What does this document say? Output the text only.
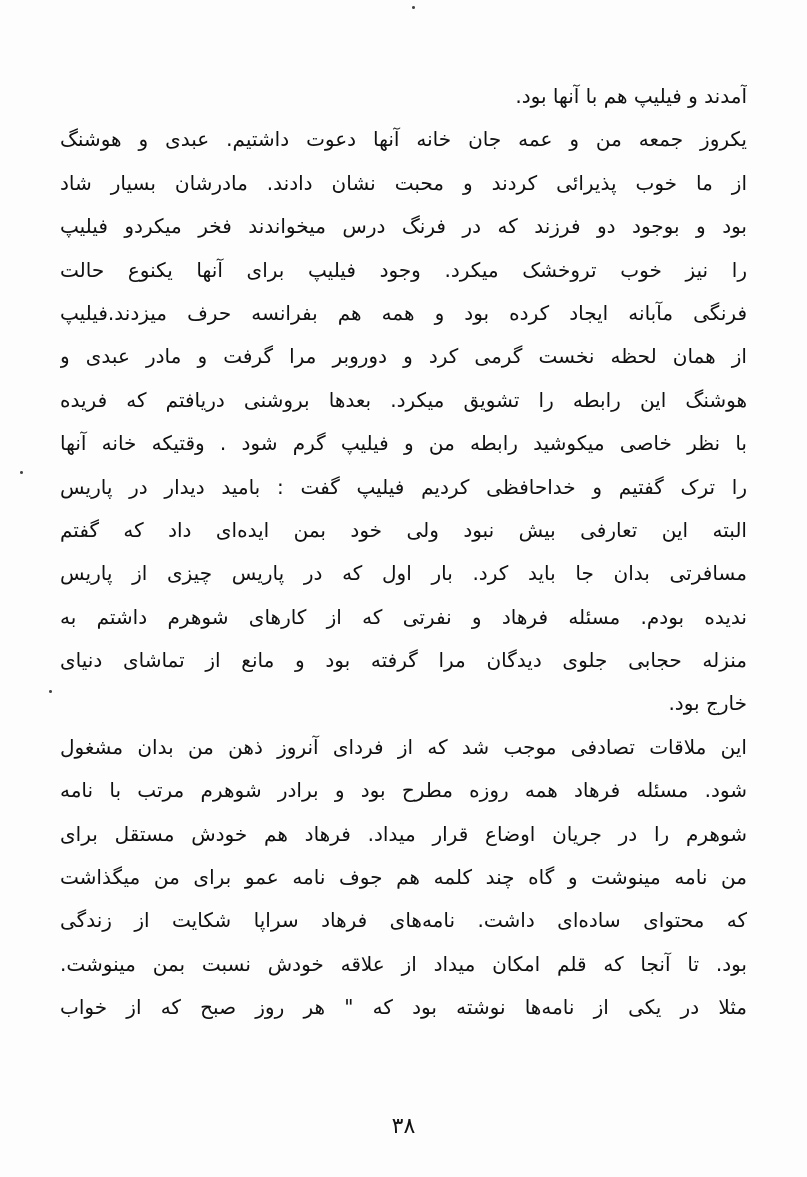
آمدند و فیلیپ هم با آنها بود.
یکروز جمعه من و عمه جان خانه آنها دعوت داشتیم. عبدی و هوشنگ
از ما خوب پذیرائی کردند و محبت نشان دادند. مادرشان بسیار شاد
بود و بوجود دو فرزند که در فرنگ درس میخواندند فخر میکردو فیلیپ
را نیز خوب تروخشک میکرد. وجود فیلیپ برای آنها یکنوع حالت
فرنگی مآبانه ایجاد کرده بود و همه هم بفرانسه حرف میزدند.فیلیپ
از همان لحظه نخست گرمی کرد و دوروبر مرا گرفت و مادر عبدی و
هوشنگ این رابطه را تشویق میکرد. بعدها بروشنی دریافتم که فریده
با نظر خاصی میکوشید رابطه من و فیلیپ گرم شود . وقتیکه خانه آنها
را ترک گفتیم و خداحافظی کردیم فیلیپ گفت : بامید دیدار در پاریس
البته این تعارفی بیش نبود ولی خود بمن ایده‌ای داد که گفتم
مسافرتی بدان جا باید کرد. بار اول که در پاریس چیزی از پاریس
ندیده بودم. مسئله فرهاد و نفرتی که از کارهای شوهرم داشتم به
منزله حجابی جلوی دیدگان مرا گرفته بود و مانع از تماشای دنیای
خارج بود.
این ملاقات تصادفی موجب شد که از فردای آنروز ذهن من بدان مشغول
شود. مسئله فرهاد همه روزه مطرح بود و برادر شوهرم مرتب با نامه
شوهرم را در جریان اوضاع قرار میداد. فرهاد هم خودش مستقل برای
من نامه مینوشت و گاه چند کلمه هم جوف نامه عمو برای من میگذاشت
که محتوای ساده‌ای داشت. نامه‌های فرهاد سراپا شکایت از زندگی
بود. تا آنجا که قلم امکان میداد از علاقه خودش نسبت بمن مینوشت.
مثلا در یکی از نامه‌ها نوشته بود که " هر روز صبح که از خواب
۳۸
